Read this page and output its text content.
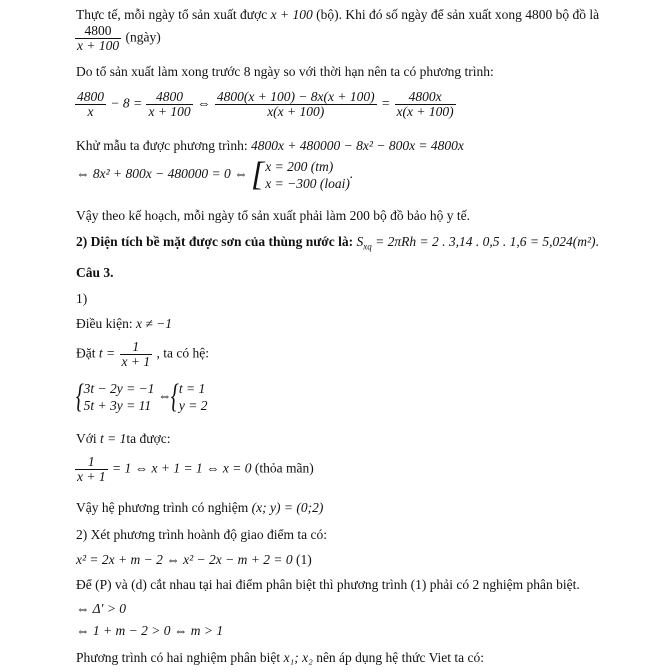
Thực tế, mỗi ngày tổ sản xuất được x + 100 (bộ). Khi đó số ngày để sản xuất xong 4800 bộ đồ là
$\frac{4800}{x + 100}$ (ngày)
Do tổ sản xuất làm xong trước 8 ngày so với thời hạn nên ta có phương trình:
$\frac{4800}{x} - 8 = \frac{4800}{x + 100}$ ⇔ $\frac{4800(x + 100) - 8x(x + 100)}{x(x + 100)} = \frac{4800x}{x(x + 100)}$
Khử mẫu ta được phương trình: 4800x + 480000 − 8x² − 800x = 4800x
⇔ 8x² + 800x − 480000 = 0 ⇔ [ x = 200 (tm)
x = −300 (loai)
.
Vậy theo kế hoạch, mỗi ngày tổ sản xuất phải làm 200 bộ đồ bảo hộ y tế.
2) Diện tích bề mặt được sơn của thùng nước là: $S_{xq} = 2\pi Rh = 2$ . 3,14 . 0,5 . 1,6 = 5,024(m²).
Câu 3.
1)
Điều kiện: x ≠ −1
Đặt $t = \frac{1}{x + 1}$ , ta có hệ:
{ 3t − 2y = −1
5t + 3y = 11
⇔{ t = 1
y = 2
Với t = 1ta được:
$\frac{1}{x + 1} = 1$ ⇔ x + 1 = 1 ⇔ x = 0 (thỏa mãn)
Vậy hệ phương trình có nghiệm (x; y) = (0;2)
2) Xét phương trình hoành độ giao điểm ta có:
x² = 2x + m − 2 ⇔ x² − 2x − m + 2 = 0 (1)
Để (P) và (d) cắt nhau tại hai điểm phân biệt thì phương trình (1) phải có 2 nghiệm phân biệt.
⇔ Δ' > 0
⇔ 1 + m − 2 > 0 ⇔ m > 1
Phương trình có hai nghiệm phân biệt x₁; x₂ nên áp dụng hệ thức Viet ta có:
